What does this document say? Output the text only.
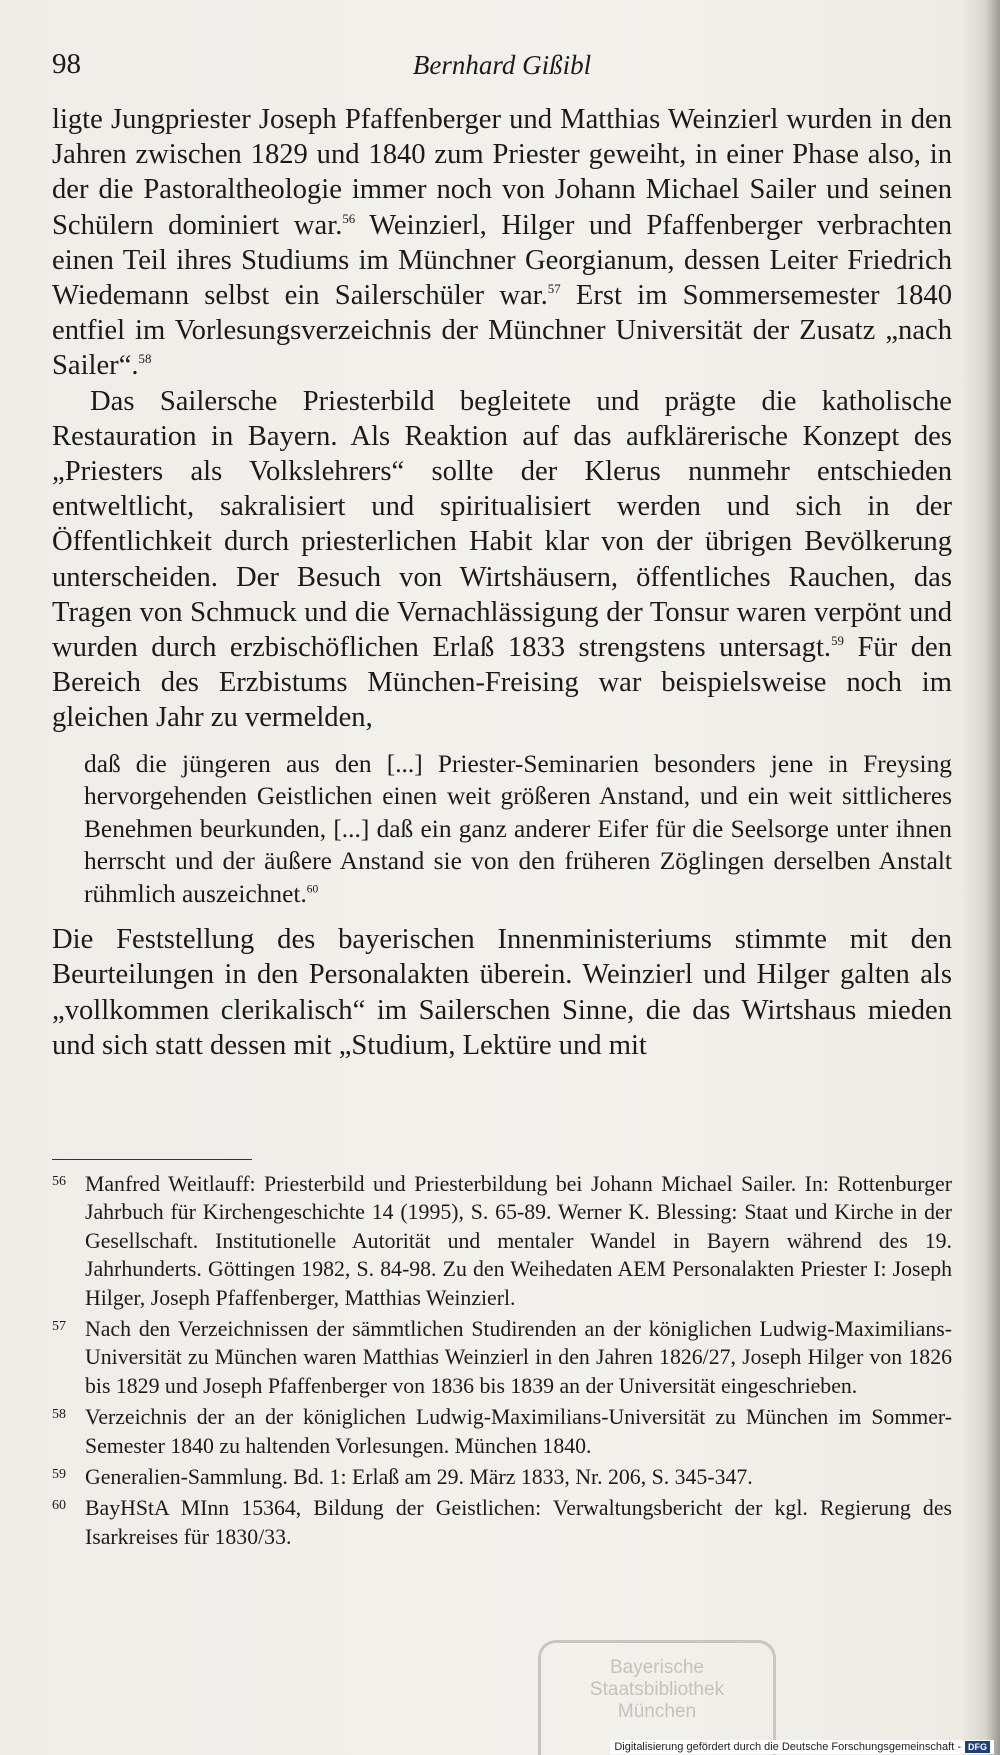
98	Bernhard Gißibl

ligte Jungpriester Joseph Pfaffenberger und Matthias Weinzierl wurden in den Jahren zwischen 1829 und 1840 zum Priester geweiht, in einer Phase also, in der die Pastoraltheologie immer noch von Johann Michael Sailer und seinen Schülern dominiert war.$^{56}$ Weinzierl, Hilger und Pfaffenberger verbrachten einen Teil ihres Studiums im Münchner Georgianum, dessen Leiter Friedrich Wiedemann selbst ein Sailerschüler war.$^{57}$ Erst im Sommersemester 1840 entfiel im Vorlesungsverzeichnis der Münchner Universität der Zusatz „nach Sailer“.$^{58}$

Das Sailersche Priesterbild begleitete und prägte die katholische Restauration in Bayern. Als Reaktion auf das aufklärerische Konzept des „Priesters als Volkslehrers“ sollte der Klerus nunmehr entschieden entweltlicht, sakralisiert und spiritualisiert werden und sich in der Öffentlichkeit durch priesterlichen Habit klar von der übrigen Bevölkerung unterscheiden. Der Besuch von Wirtshäusern, öffentliches Rauchen, das Tragen von Schmuck und die Vernachlässigung der Tonsur waren verpönt und wurden durch erzbischöflichen Erlaß 1833 strengstens untersagt.$^{59}$ Für den Bereich des Erzbistums München-Freising war beispielsweise noch im gleichen Jahr zu vermelden,

daß die jüngeren aus den [...] Priester-Seminarien besonders jene in Freysing hervorgehenden Geistlichen einen weit größeren Anstand, und ein weit sittlicheres Benehmen beurkunden, [...] daß ein ganz anderer Eifer für die Seelsorge unter ihnen herrscht und der äußere Anstand sie von den früheren Zöglingen derselben Anstalt rühmlich auszeichnet.$^{60}$

Die Feststellung des bayerischen Innenministeriums stimmte mit den Beurteilungen in den Personalakten überein. Weinzierl und Hilger galten als „vollkommen clerikalisch“ im Sailerschen Sinne, die das Wirtshaus mieden und sich statt dessen mit „Studium, Lektüre und mit

56 Manfred Weitlauff: Priesterbild und Priesterbildung bei Johann Michael Sailer. In: Rottenburger Jahrbuch für Kirchengeschichte 14 (1995), S. 65-89. Werner K. Blessing: Staat und Kirche in der Gesellschaft. Institutionelle Autorität und mentaler Wandel in Bayern während des 19. Jahrhunderts. Göttingen 1982, S. 84-98. Zu den Weihedaten AEM Personalakten Priester I: Joseph Hilger, Joseph Pfaffenberger, Matthias Weinzierl.
57 Nach den Verzeichnissen der sämmtlichen Studirenden an der königlichen Ludwig-Maximilians-Universität zu München waren Matthias Weinzierl in den Jahren 1826/27, Joseph Hilger von 1826 bis 1829 und Joseph Pfaffenberger von 1836 bis 1839 an der Universität eingeschrieben.
58 Verzeichnis der an der königlichen Ludwig-Maximilians-Universität zu München im Sommer-Semester 1840 zu haltenden Vorlesungen. München 1840.
59 Generalien-Sammlung. Bd. 1: Erlaß am 29. März 1833, Nr. 206, S. 345-347.
60 BayHStA MInn 15364, Bildung der Geistlichen: Verwaltungsbericht der kgl. Regierung des Isarkreises für 1830/33.
Bayerische
Staatsbibliothek
München
Digitalisierung gefördert durch die Deutsche Forschungsgemeinschaft - DFG
